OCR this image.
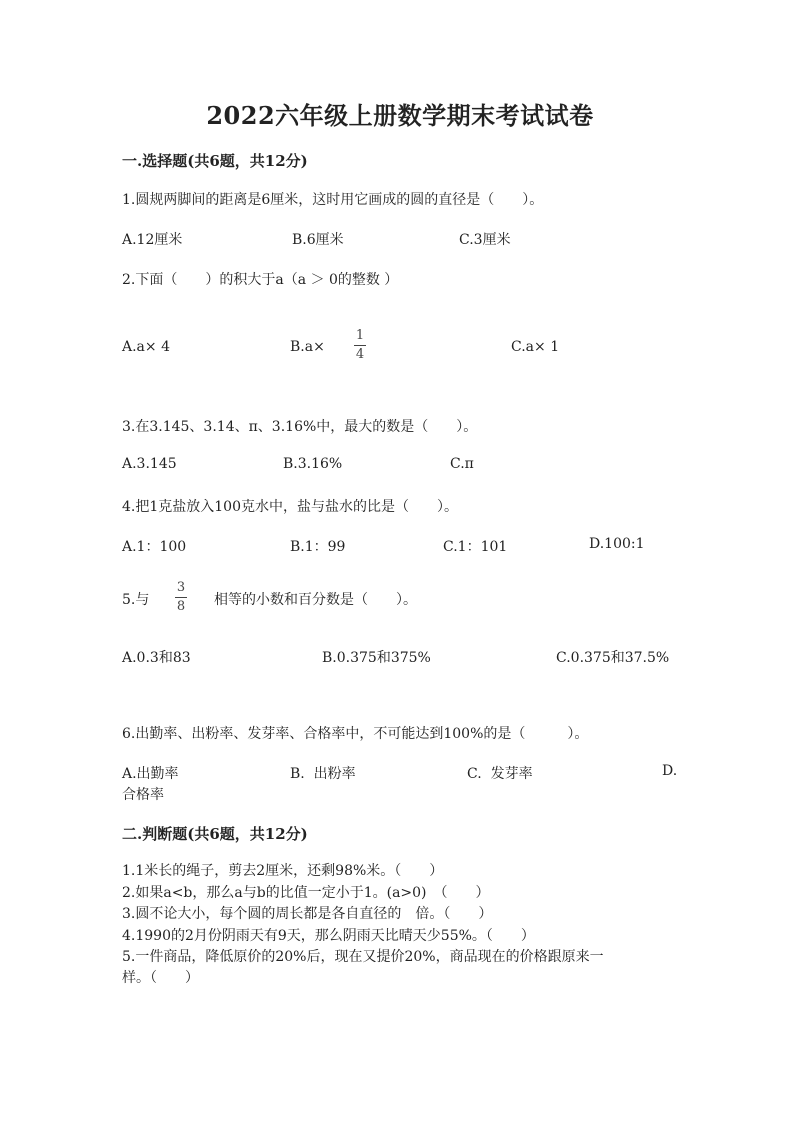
2022六年级上册数学期末考试试卷
一.选择题(共6题，共12分)
1.圆规两脚间的距离是6厘米，这时用它画成的圆的直径是（　　）。
A.12厘米	B.6厘米	C.3厘米
2.下面（　　）的积大于a（a ＞ 0的整数 ）
A.a× 4	B.a×
1
4	C.a× 1
3.在3.145、3.14、π、3.16%中，最大的数是（　　）。
A.3.145	B.3.16%	C.π
4.把1克盐放入100克水中，盐与盐水的比是（　　）。
A.1：100	B.1：99	C.1：101	D.100:1
5.与
3
8 相等的小数和百分数是（　　）。
A.0.3和83	B.0.375和375%	C.0.375和37.5%
6.出勤率、出粉率、发芽率、合格率中，不可能达到100%的是（　　　）。
A.出勤率	B.  出粉率	C.  发芽率	D.
合格率
二.判断题(共6题，共12分)
1.1米长的绳子，剪去2厘米，还剩98%米。（　　）
2.如果a<b，那么a与b的比值一定小于1。(a>0)　（　　）
3.圆不论大小，每个圆的周长都是各自直径的　倍。（　　）
4.1990的2月份阴雨天有9天，那么阴雨天比晴天少55%。（　　）
5.一件商品，降低原价的20%后，现在又提价20%，商品现在的价格跟原来一
样。（　　）
